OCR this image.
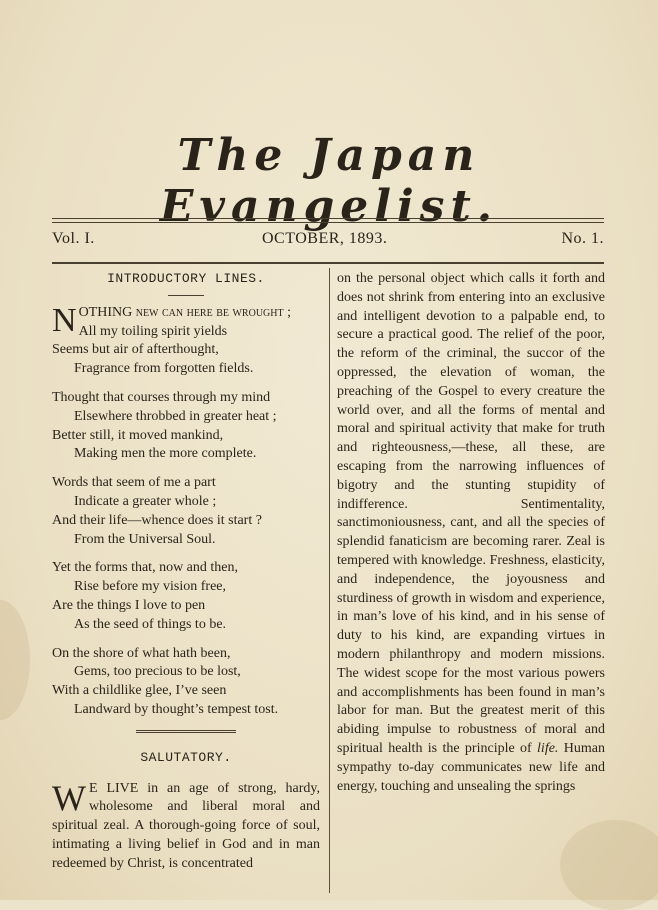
The Japan Evangelist.
Vol. I.	OCTOBER, 1893.	No. 1.
INTRODUCTORY LINES.
N OTHING new can here be wrought ;

All my toiling spirit yields

Seems but air of afterthought,

Fragrance from forgotten fields.

Thought that courses through my mind

Elsewhere throbbed in greater heat ;

Better still, it moved mankind,

Making men the more complete.

Words that seem of me a part

Indicate a greater whole ;

And their life—whence does it start ?

From the Universal Soul.

Yet the forms that, now and then,

Rise before my vision free,

Are the things I love to pen

As the seed of things to be.

On the shore of what hath been,

Gems, too precious to be lost,

With a childlike glee, I’ve seen

Landward by thought’s tempest tost.

SALUTATORY.

W E LIVE in an age of strong, hardy, wholesome and liberal moral and spiritual zeal. A thorough-going force of soul, intimating a living belief in God and in man redeemed by Christ, is concentrated

on the personal object which calls it forth and does not shrink from entering into an exclusive and intelligent devotion to a palpable end, to secure a practical good. The relief of the poor, the reform of the criminal, the succor of the oppressed, the elevation of woman, the preaching of the Gospel to every creature the world over, and all the forms of mental and moral and spiritual activity that make for truth and righteousness,—these, all these, are escaping from the narrowing influences of bigotry and the stunting stupidity of indifference. Sentimentality, sanctimoniousness, cant, and all the species of splendid fanaticism are becoming rarer. Zeal is tempered with knowledge. Freshness, elasticity, and independence, the joyousness and sturdiness of growth in wisdom and experience, in man’s love of his kind, and in his sense of duty to his kind, are expanding virtues in modern philanthropy and modern missions. The widest scope for the most various powers and accomplishments has been found in man’s labor for man. But the greatest merit of this abiding impulse to robustness of moral and spiritual health is the principle of life. Human sympathy to-day communicates new life and energy, touching and unsealing the springs
